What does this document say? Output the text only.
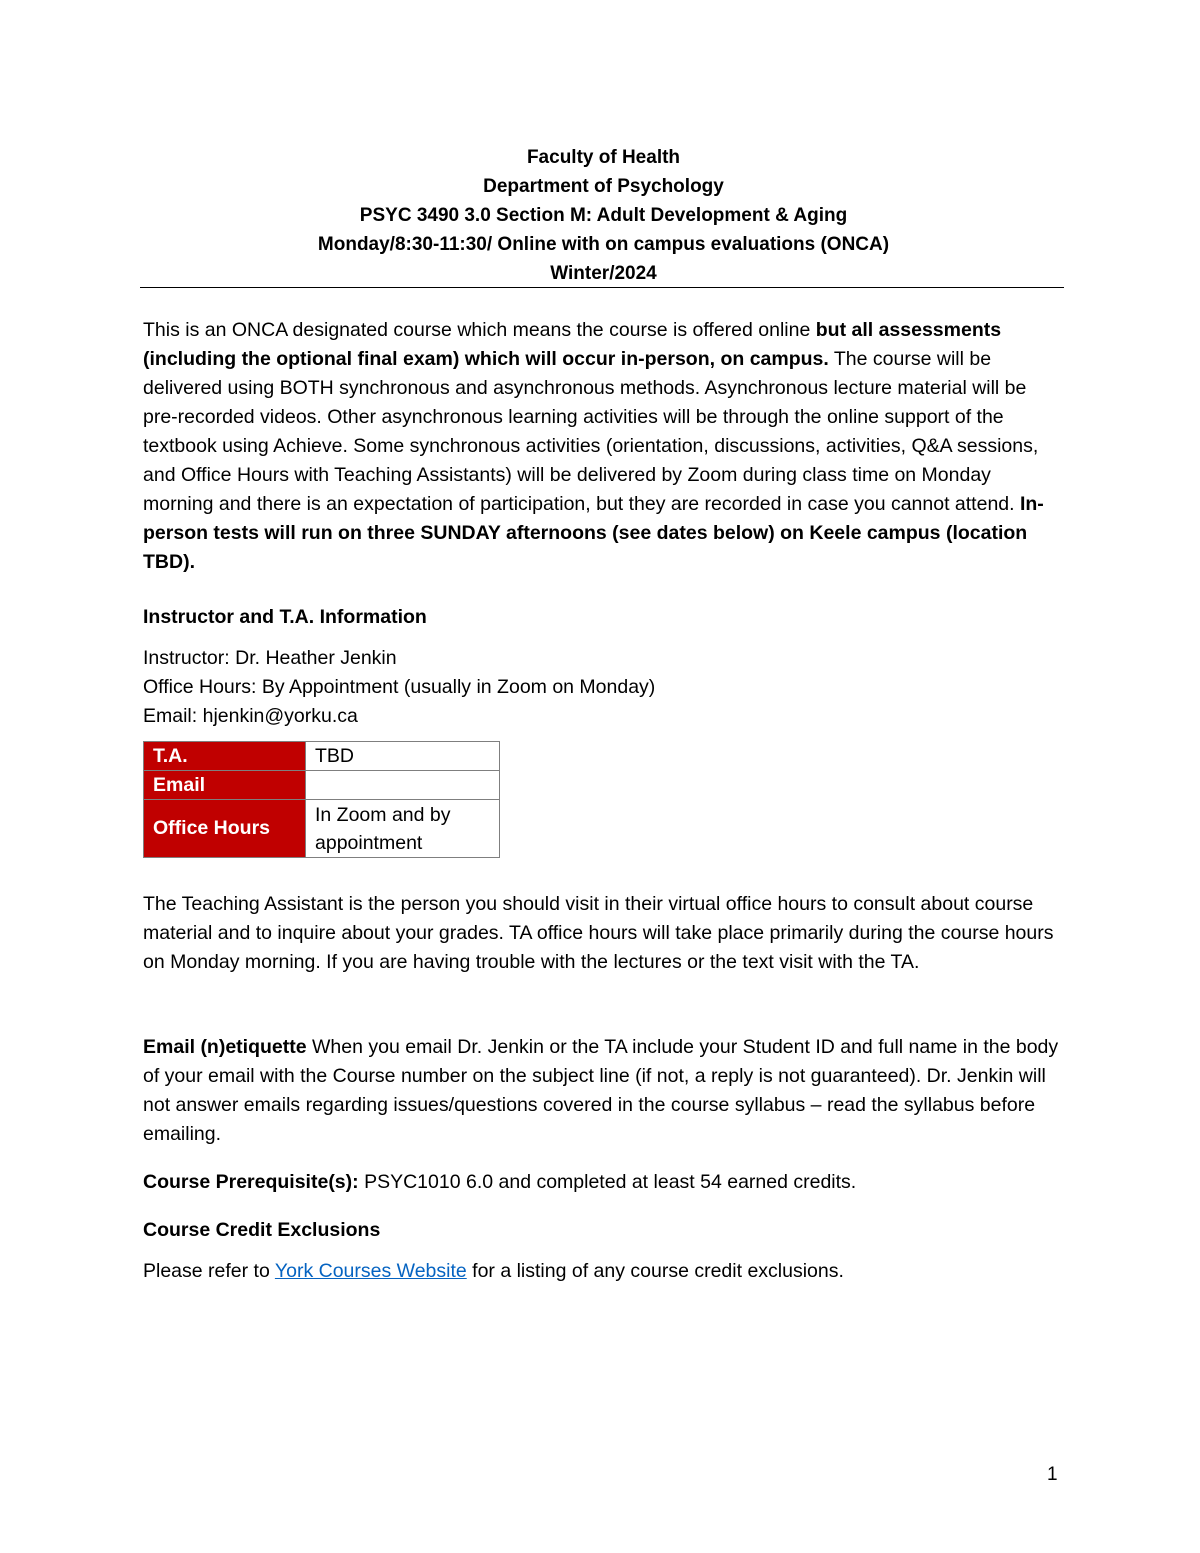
Faculty of Health
Department of Psychology
PSYC 3490 3.0 Section M: Adult Development & Aging
Monday/8:30-11:30/ Online with on campus evaluations (ONCA)
Winter/2024
This is an ONCA designated course which means the course is offered online but all assessments (including the optional final exam) which will occur in-person, on campus. The course will be delivered using BOTH synchronous and asynchronous methods. Asynchronous lecture material will be pre-recorded videos. Other asynchronous learning activities will be through the online support of the textbook using Achieve. Some synchronous activities (orientation, discussions, activities, Q&A sessions, and Office Hours with Teaching Assistants) will be delivered by Zoom during class time on Monday morning and there is an expectation of participation, but they are recorded in case you cannot attend. In-person tests will run on three SUNDAY afternoons (see dates below) on Keele campus (location TBD).
Instructor and T.A. Information
Instructor: Dr. Heather Jenkin
Office Hours: By Appointment (usually in Zoom on Monday)
Email: hjenkin@yorku.ca
T.A.	TBD
Email	
Office Hours	In Zoom and by appointment
The Teaching Assistant is the person you should visit in their virtual office hours to consult about course material and to inquire about your grades. TA office hours will take place primarily during the course hours on Monday morning. If you are having trouble with the lectures or the text visit with the TA.
Email (n)etiquette When you email Dr. Jenkin or the TA include your Student ID and full name in the body of your email with the Course number on the subject line (if not, a reply is not guaranteed). Dr. Jenkin will not answer emails regarding issues/questions covered in the course syllabus – read the syllabus before emailing.
Course Prerequisite(s): PSYC1010 6.0 and completed at least 54 earned credits.
Course Credit Exclusions
Please refer to York Courses Website for a listing of any course credit exclusions.
1
